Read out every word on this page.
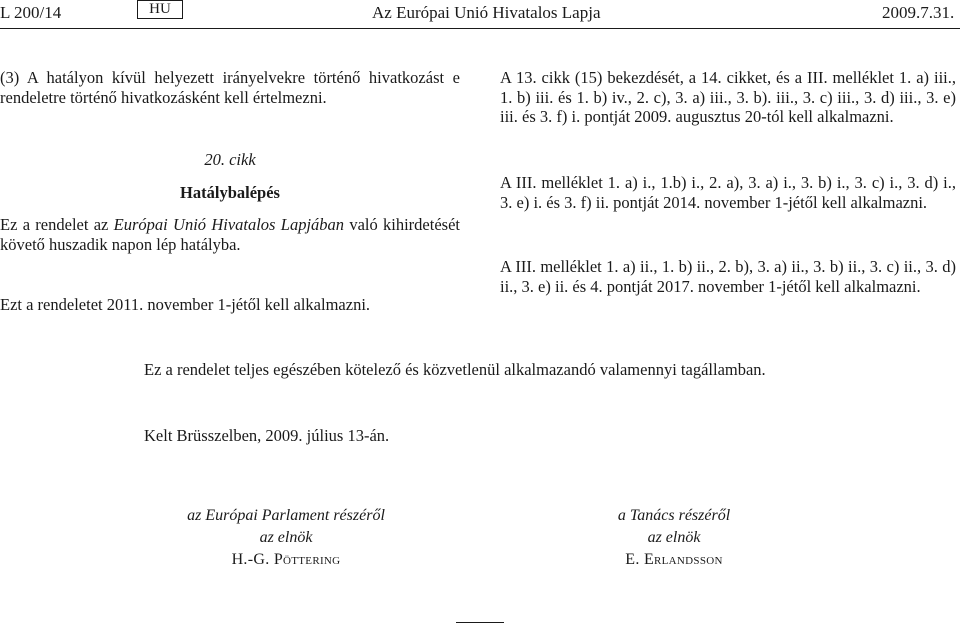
L 200/14	HU	Az Európai Unió Hivatalos Lapja	2009.7.31.
(3) A hatályon kívül helyezett irányelvekre történő hivatkozást e rendeletre történő hivatkozásként kell értelmezni.
20. cikk
Hatálybalépés
Ez a rendelet az Európai Unió Hivatalos Lapjában való kihirdetését követő huszadik napon lép hatályba.
Ezt a rendeletet 2011. november 1-jétől kell alkalmazni.
A 13. cikk (15) bekezdését, a 14. cikket, és a III. melléklet 1. a) iii., 1. b) iii. és 1. b) iv., 2. c), 3. a) iii., 3. b). iii., 3. c) iii., 3. d) iii., 3. e) iii. és 3. f) i. pontját 2009. augusztus 20-tól kell alkalmazni.
A III. melléklet 1. a) i., 1.b) i., 2. a), 3. a) i., 3. b) i., 3. c) i., 3. d) i., 3. e) i. és 3. f) ii. pontját 2014. november 1-jétől kell alkalmazni.
A III. melléklet 1. a) ii., 1. b) ii., 2. b), 3. a) ii., 3. b) ii., 3. c) ii., 3. d) ii., 3. e) ii. és 4. pontját 2017. november 1-jétől kell alkalmazni.
Ez a rendelet teljes egészében kötelező és közvetlenül alkalmazandó valamennyi tagállamban.
Kelt Brüsszelben, 2009. július 13-án.
az Európai Parlament részéről
az elnök
H.-G. Pöttering
a Tanács részéről
az elnök
E. Erlandsson
